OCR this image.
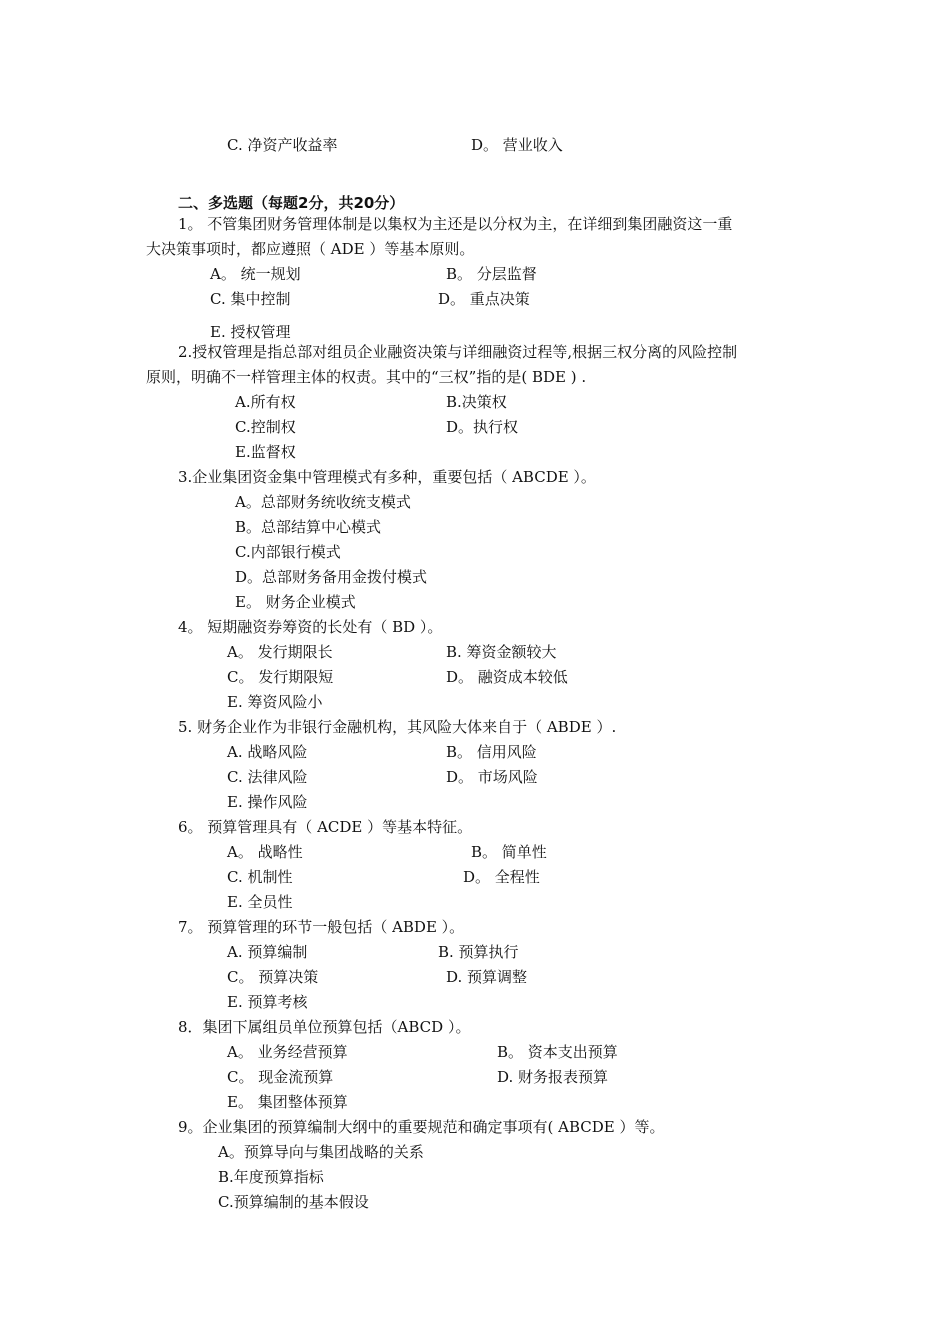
C. 净资产收益率	D。 营业收入
二、多选题（每题2分，共20分）
1。 不管集团财务管理体制是以集权为主还是以分权为主，在详细到集团融资这一重
大决策事项时，都应遵照（ ADE ）等基本原则。
A。 统一规划	B。 分层监督
C. 集中控制	D。 重点决策
E. 授权管理
2.授权管理是指总部对组员企业融资决策与详细融资过程等,根据三权分离的风险控制
原则，明确不一样管理主体的权责。其中的“三权”指的是( BDE ) .
A.所有权	B.决策权
C.控制权	D。执行权
E.监督权
3.企业集团资金集中管理模式有多种，重要包括（ ABCDE ）。
A。总部财务统收统支模式
B。总部结算中心模式
C.内部银行模式
D。总部财务备用金拨付模式
E。 财务企业模式
4。 短期融资券筹资的长处有（ BD ）。
A。 发行期限长	B. 筹资金额较大
C。 发行期限短	D。 融资成本较低
E. 筹资风险小
5. 财务企业作为非银行金融机构，其风险大体来自于（ ABDE ）.
A. 战略风险	B。 信用风险
C. 法律风险	D。 市场风险
E. 操作风险
6。 预算管理具有（ ACDE ）等基本特征。
A。 战略性	B。 简单性
C. 机制性	D。 全程性
E. 全员性
7。 预算管理的环节一般包括（ ABDE ）。
A. 预算编制	B. 预算执行
C。 预算决策	D. 预算调整
E. 预算考核
8．集团下属组员单位预算包括（ABCD ）。
A。 业务经营预算	B。 资本支出预算
C。 现金流预算	D. 财务报表预算
E。 集团整体预算
9。企业集团的预算编制大纲中的重要规范和确定事项有( ABCDE ）等。
A。预算导向与集团战略的关系
B.年度预算指标
C.预算编制的基本假设
